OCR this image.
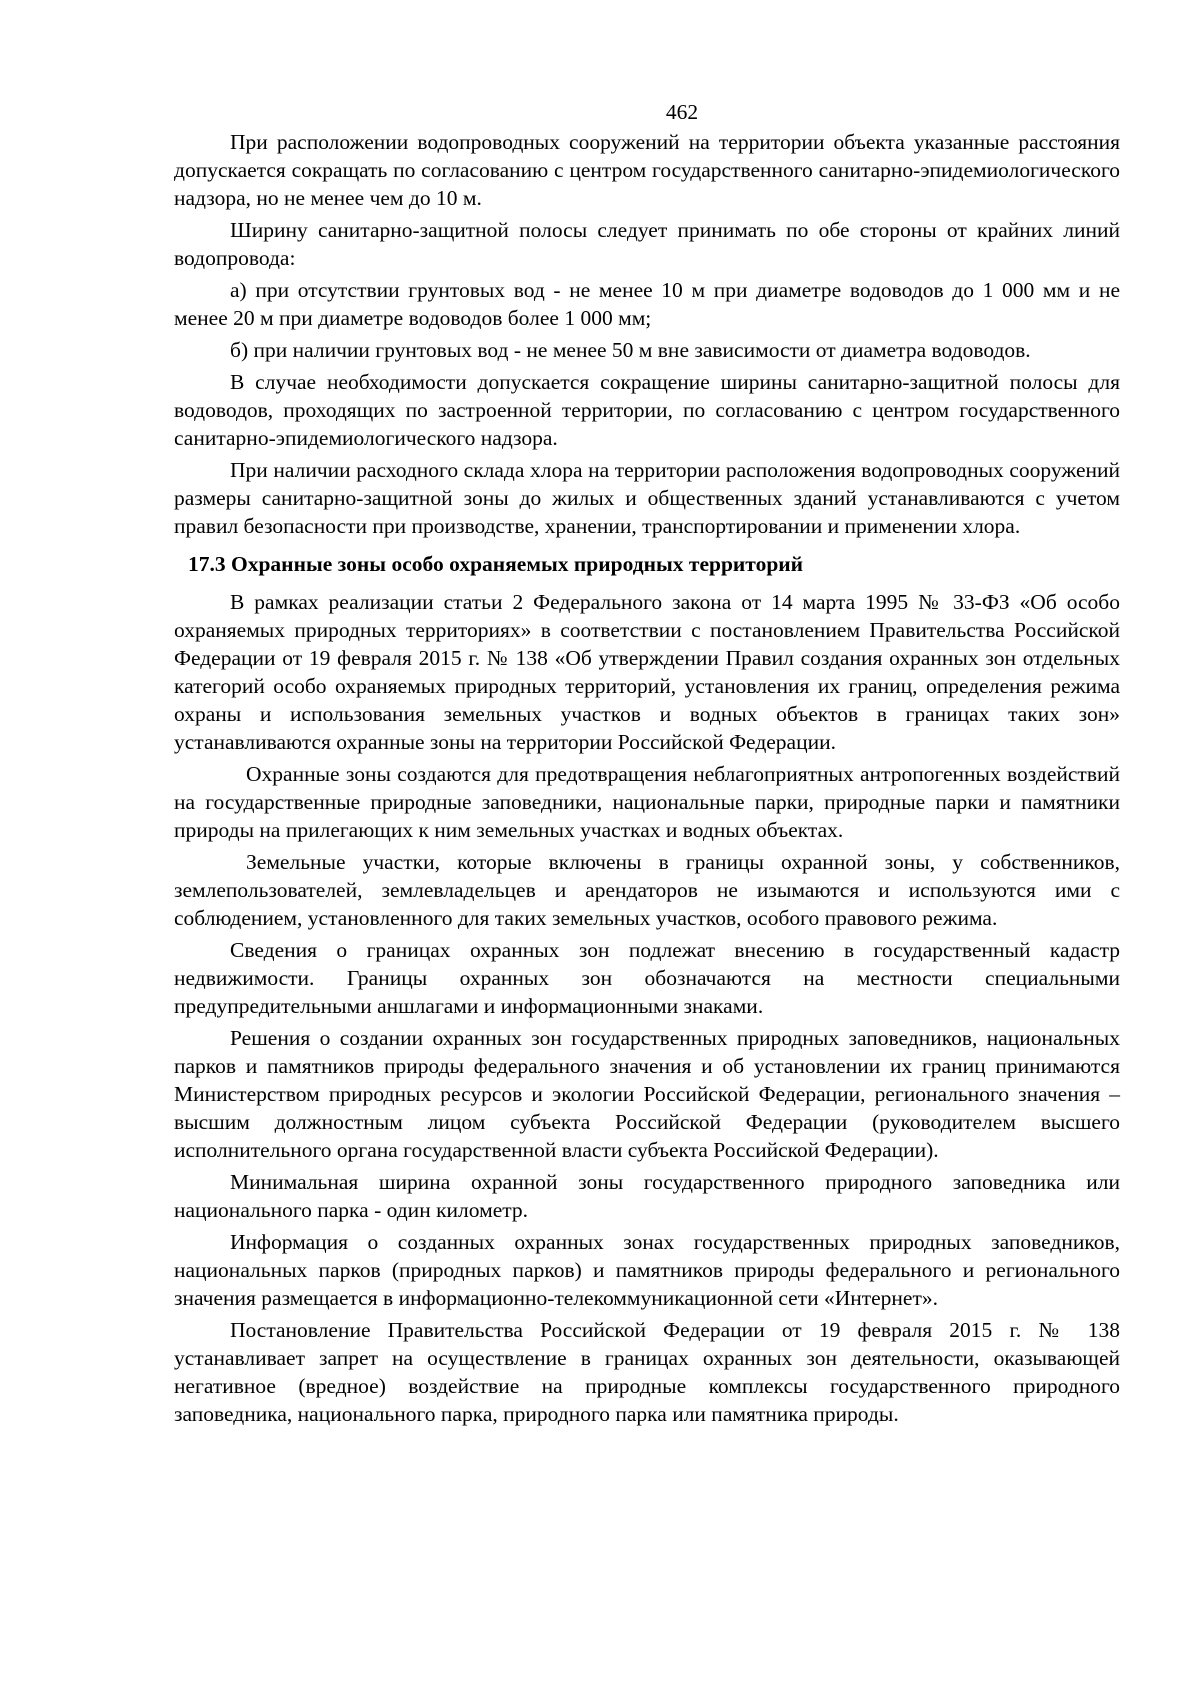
462

При расположении водопроводных сооружений на территории объекта указанные расстояния допускается сокращать по согласованию с центром государственного санитарно-эпидемиологического надзора, но не менее чем до 10 м.

Ширину санитарно-защитной полосы следует принимать по обе стороны от крайних линий водопровода:

а) при отсутствии грунтовых вод - не менее 10 м при диаметре водоводов до 1 000 мм и не менее 20 м при диаметре водоводов более 1 000 мм;

б) при наличии грунтовых вод - не менее 50 м вне зависимости от диаметра водоводов.

В случае необходимости допускается сокращение ширины санитарно-защитной полосы для водоводов, проходящих по застроенной территории, по согласованию с центром государственного санитарно-эпидемиологического надзора.

При наличии расходного склада хлора на территории расположения водопроводных сооружений размеры санитарно-защитной зоны до жилых и общественных зданий устанавливаются с учетом правил безопасности при производстве, хранении, транспортировании и применении хлора.

17.3 Охранные зоны особо охраняемых природных территорий

В рамках реализации статьи 2 Федерального закона от 14 марта 1995 № 33-ФЗ «Об особо охраняемых природных территориях» в соответствии с постановлением Правительства Российской Федерации от 19 февраля 2015 г. № 138 «Об утверждении Правил создания охранных зон отдельных категорий особо охраняемых природных территорий, установления их границ, определения режима охраны и использования земельных участков и водных объектов в границах таких зон» устанавливаются охранные зоны на территории Российской Федерации.

Охранные зоны создаются для предотвращения неблагоприятных антропогенных воздействий на государственные природные заповедники, национальные парки, природные парки и памятники природы на прилегающих к ним земельных участках и водных объектах.

Земельные участки, которые включены в границы охранной зоны, у собственников, землепользователей, землевладельцев и арендаторов не изымаются и используются ими с соблюдением, установленного для таких земельных участков, особого правового режима.

Сведения о границах охранных зон подлежат внесению в государственный кадастр недвижимости. Границы охранных зон обозначаются на местности специальными предупредительными аншлагами и информационными знаками.

Решения о создании охранных зон государственных природных заповедников, национальных парков и памятников природы федерального значения и об установлении их границ принимаются Министерством природных ресурсов и экологии Российской Федерации, регионального значения – высшим должностным лицом субъекта Российской Федерации (руководителем высшего исполнительного органа государственной власти субъекта Российской Федерации).

Минимальная ширина охранной зоны государственного природного заповедника или национального парка - один километр.

Информация о созданных охранных зонах государственных природных заповедников, национальных парков (природных парков) и памятников природы федерального и регионального значения размещается в информационно-телекоммуникационной сети «Интернет».

Постановление Правительства Российской Федерации от 19 февраля 2015 г. № 138 устанавливает запрет на осуществление в границах охранных зон деятельности, оказывающей негативное (вредное) воздействие на природные комплексы государственного природного заповедника, национального парка, природного парка или памятника природы.
